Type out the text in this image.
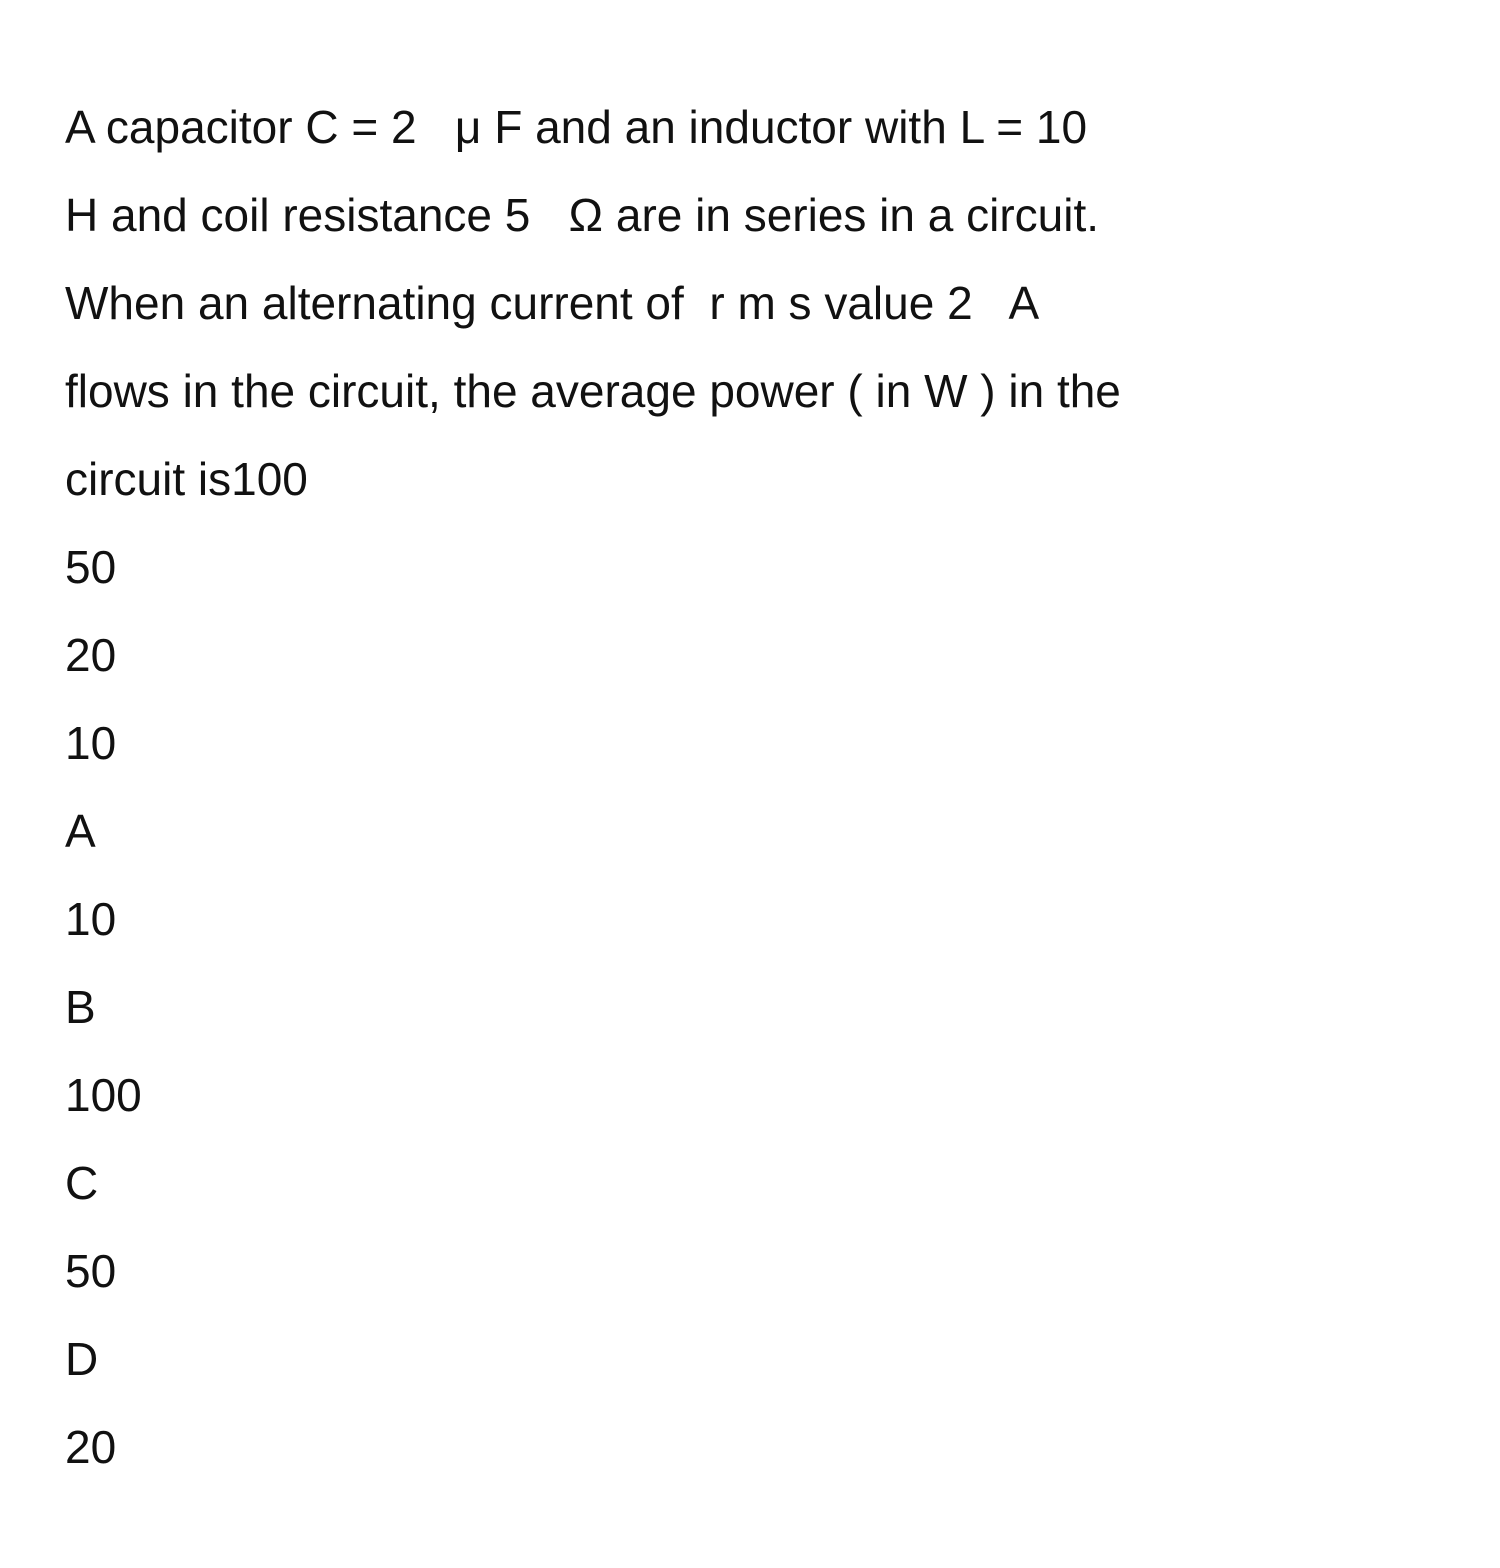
A capacitor C = 2   μ F and an inductor with L = 10
H and coil resistance 5   Ω are in series in a circuit.
When an alternating current of  r m s value 2   A
flows in the circuit, the average power ( in W ) in the
circuit is100
50
20
10
A
10
B
100
C
50
D
20
